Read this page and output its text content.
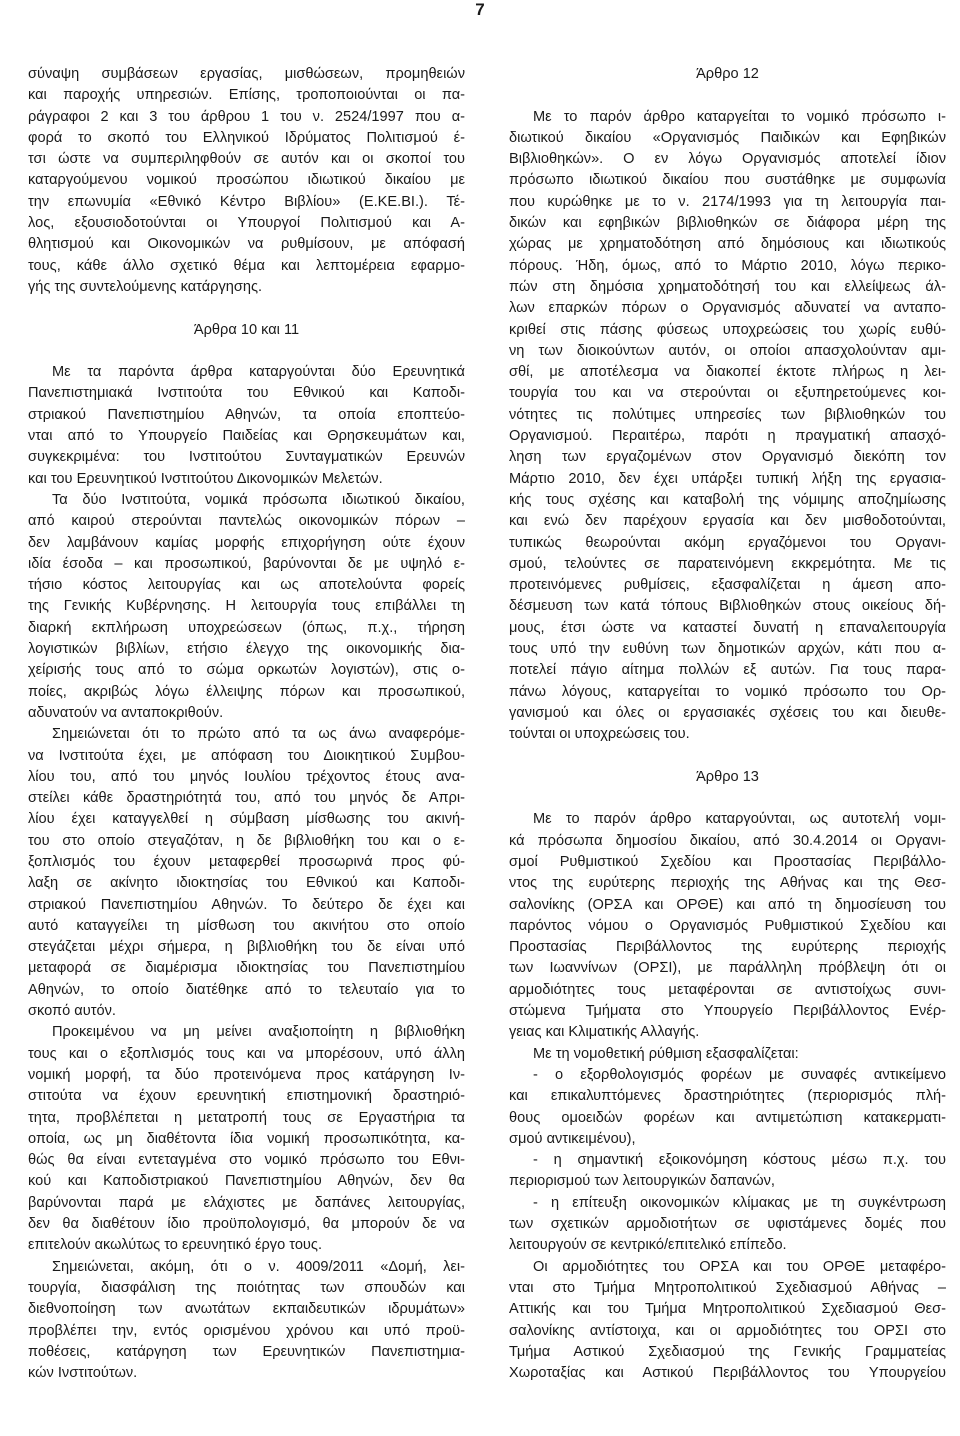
7
σύναψη συμβάσεων εργασίας, μισθώσεων, προμηθειών
και παροχής υπηρεσιών. Επίσης, τροποποιούνται οι πα-
ράγραφοι 2 και 3 του άρθρου 1 του ν. 2524/1997 που α-
φορά το σκοπό του Ελληνικού Ιδρύματος Πολιτισμού έ-
τσι ώστε να συμπεριληφθούν σε αυτόν και οι σκοποί του
καταργούμενου νομικού προσώπου ιδιωτικού δικαίου με
την επωνυμία «Εθνικό Κέντρο Βιβλίου» (Ε.ΚΕ.ΒΙ.). Τέ-
λος, εξουσιοδοτούνται οι Υπουργοί Πολιτισμού και Α-
θλητισμού και Οικονομικών να ρυθμίσουν, με απόφασή
τους, κάθε άλλο σχετικό θέμα και λεπτομέρεια εφαρμο-
γής της συντελούμενης κατάργησης.
Άρθρα 10 και 11
Με τα παρόντα άρθρα καταργούνται δύο Ερευνητικά
Πανεπιστημιακά Ινστιτούτα του Εθνικού και Καποδι-
στριακού Πανεπιστημίου Αθηνών, τα οποία εποπτεύο-
νται από το Υπουργείο Παιδείας και Θρησκευμάτων και,
συγκεκριμένα: του Ινστιτούτου Συνταγματικών Ερευνών
και του Ερευνητικού Ινστιτούτου Δικονομικών Μελετών.
Τα δύο Ινστιτούτα, νομικά πρόσωπα ιδιωτικού δικαίου,
από καιρού στερούνται παντελώς οικονομικών πόρων –
δεν λαμβάνουν καμίας μορφής επιχορήγηση ούτε έχουν
ιδία έσοδα – και προσωπικού, βαρύνονται δε με υψηλό ε-
τήσιο κόστος λειτουργίας και ως αποτελούντα φορείς
της Γενικής Κυβέρνησης. Η λειτουργία τους επιβάλλει τη
διαρκή εκπλήρωση υποχρεώσεων (όπως, π.χ., τήρηση
λογιστικών βιβλίων, ετήσιο έλεγχο της οικονομικής δια-
χείρισής τους από το σώμα ορκωτών λογιστών), στις ο-
ποίες, ακριβώς λόγω έλλειψης πόρων και προσωπικού,
αδυνατούν να ανταποκριθούν.
Σημειώνεται ότι το πρώτο από τα ως άνω αναφερόμε-
να Ινστιτούτα έχει, με απόφαση του Διοικητικού Συμβου-
λίου του, από του μηνός Ιουλίου τρέχοντος έτους ανα-
στείλει κάθε δραστηριότητά του, από του μηνός δε Απρι-
λίου έχει καταγγελθεί η σύμβαση μίσθωσης του ακινή-
του στο οποίο στεγαζόταν, η δε βιβλιοθήκη του και ο ε-
ξοπλισμός του έχουν μεταφερθεί προσωρινά προς φύ-
λαξη σε ακίνητο ιδιοκτησίας του Εθνικού και Καποδι-
στριακού Πανεπιστημίου Αθηνών. Το δεύτερο δε έχει και
αυτό καταγγείλει τη μίσθωση του ακινήτου στο οποίο
στεγάζεται μέχρι σήμερα, η βιβλιοθήκη του δε είναι υπό
μεταφορά σε διαμέρισμα ιδιοκτησίας του Πανεπιστημίου
Αθηνών, το οποίο διατέθηκε από το τελευταίο για το
σκοπό αυτόν.
Προκειμένου να μη μείνει αναξιοποίητη η βιβλιοθήκη
τους και ο εξοπλισμός τους και να μπορέσουν, υπό άλλη
νομική μορφή, τα δύο προτεινόμενα προς κατάργηση Ιν-
στιτούτα να έχουν ερευνητική επιστημονική δραστηριό-
τητα, προβλέπεται η μετατροπή τους σε Εργαστήρια τα
οποία, ως μη διαθέτοντα ίδια νομική προσωπικότητα, κα-
θώς θα είναι εντεταγμένα στο νομικό πρόσωπο του Εθνι-
κού και Καποδιστριακού Πανεπιστημίου Αθηνών, δεν θα
βαρύνονται παρά με ελάχιστες με δαπάνες λειτουργίας,
δεν θα διαθέτουν ίδιο προϋπολογισμό, θα μπορούν δε να
επιτελούν ακωλύτως το ερευνητικό έργο τους.
Σημειώνεται, ακόμη, ότι ο ν. 4009/2011 «Δομή, λει-
τουργία, διασφάλιση της ποιότητας των σπουδών και
διεθνοποίηση των ανωτάτων εκπαιδευτικών ιδρυμάτων»
προβλέπει την, εντός ορισμένου χρόνου και υπό προϋ-
ποθέσεις, κατάργηση των Ερευνητικών Πανεπιστημια-
κών Ινστιτούτων.
Άρθρο 12
Με το παρόν άρθρο καταργείται το νομικό πρόσωπο ι-
διωτικού δικαίου «Οργανισμός Παιδικών και Εφηβικών
Βιβλιοθηκών». Ο εν λόγω Οργανισμός αποτελεί ίδιον
πρόσωπο ιδιωτικού δικαίου που συστάθηκε με συμφωνία
που κυρώθηκε με το ν. 2174/1993 για τη λειτουργία παι-
δικών και εφηβικών βιβλιοθηκών σε διάφορα μέρη της
χώρας με χρηματοδότηση από δημόσιους και ιδιωτικούς
πόρους. Ήδη, όμως, από το Μάρτιο 2010, λόγω περικο-
πών στη δημόσια χρηματοδότησή του και ελλείψεως άλ-
λων επαρκών πόρων ο Οργανισμός αδυνατεί να ανταπο-
κριθεί στις πάσης φύσεως υποχρεώσεις του χωρίς ευθύ-
νη των διοικούντων αυτόν, οι οποίοι απασχολούνταν αμι-
σθί, με αποτέλεσμα να διακοπεί έκτοτε πλήρως η λει-
τουργία του και να στερούνται οι εξυπηρετούμενες κοι-
νότητες τις πολύτιμες υπηρεσίες των βιβλιοθηκών του
Οργανισμού. Περαιτέρω, παρότι η πραγματική απασχό-
ληση των εργαζομένων στον Οργανισμό διεκόπη τον
Μάρτιο 2010, δεν έχει υπάρξει τυπική λήξη της εργασια-
κής τους σχέσης και καταβολή της νόμιμης αποζημίωσης
και ενώ δεν παρέχουν εργασία και δεν μισθοδοτούνται,
τυπικώς θεωρούνται ακόμη εργαζόμενοι του Οργανι-
σμού, τελούντες σε παρατεινόμενη εκκρεμότητα. Με τις
προτεινόμενες ρυθμίσεις, εξασφαλίζεται η άμεση απο-
δέσμευση των κατά τόπους Βιβλιοθηκών στους οικείους δή-
μους, έτσι ώστε να καταστεί δυνατή η επαναλειτουργία
τους υπό την ευθύνη των δημοτικών αρχών, κάτι που α-
ποτελεί πάγιο αίτημα πολλών εξ αυτών. Για τους παρα-
πάνω λόγους, καταργείται το νομικό πρόσωπο του Ορ-
γανισμού και όλες οι εργασιακές σχέσεις του και διευθε-
τούνται οι υποχρεώσεις του.
Άρθρο 13
Με το παρόν άρθρο καταργούνται, ως αυτοτελή νομι-
κά πρόσωπα δημοσίου δικαίου, από 30.4.2014 οι Οργανι-
σμοί Ρυθμιστικού Σχεδίου και Προστασίας Περιβάλλο-
ντος της ευρύτερης περιοχής της Αθήνας και της Θεσ-
σαλονίκης (ΟΡΣΑ και ΟΡΘΕ) και από τη δημοσίευση του
παρόντος νόμου ο Οργανισμός Ρυθμιστικού Σχεδίου και
Προστασίας Περιβάλλοντος της ευρύτερης περιοχής
των Ιωαννίνων (ΟΡΣΙ), με παράλληλη πρόβλεψη ότι οι
αρμοδιότητες τους μεταφέρονται σε αντιστοίχως συνι-
στώμενα Τμήματα στο Υπουργείο Περιβάλλοντος Ενέρ-
γειας και Κλιματικής Αλλαγής.
Με τη νομοθετική ρύθμιση εξασφαλίζεται:
- ο εξορθολογισμός φορέων με συναφές αντικείμενο
και επικαλυπτόμενες δραστηριότητες (περιορισμός πλή-
θους ομοειδών φορέων και αντιμετώπιση κατακερματι-
σμού αντικειμένου),
- η σημαντική εξοικονόμηση κόστους μέσω π.χ. του
περιορισμού των λειτουργικών δαπανών,
- η επίτευξη οικονομικών κλίμακας με τη συγκέντρωση
των σχετικών αρμοδιοτήτων σε υφιστάμενες δομές που
λειτουργούν σε κεντρικό/επιτελικό επίπεδο.
Οι αρμοδιότητες του ΟΡΣΑ και του ΟΡΘΕ μεταφέρο-
νται στο Τμήμα Μητροπολιτικού Σχεδιασμού Αθήνας –
Αττικής και του Τμήμα Μητροπολιτικού Σχεδιασμού Θεσ-
σαλονίκης αντίστοιχα, και οι αρμοδιότητες του ΟΡΣΙ στο
Τμήμα Αστικού Σχεδιασμού της Γενικής Γραμματείας
Χωροταξίας και Αστικού Περιβάλλοντος του Υπουργείου
